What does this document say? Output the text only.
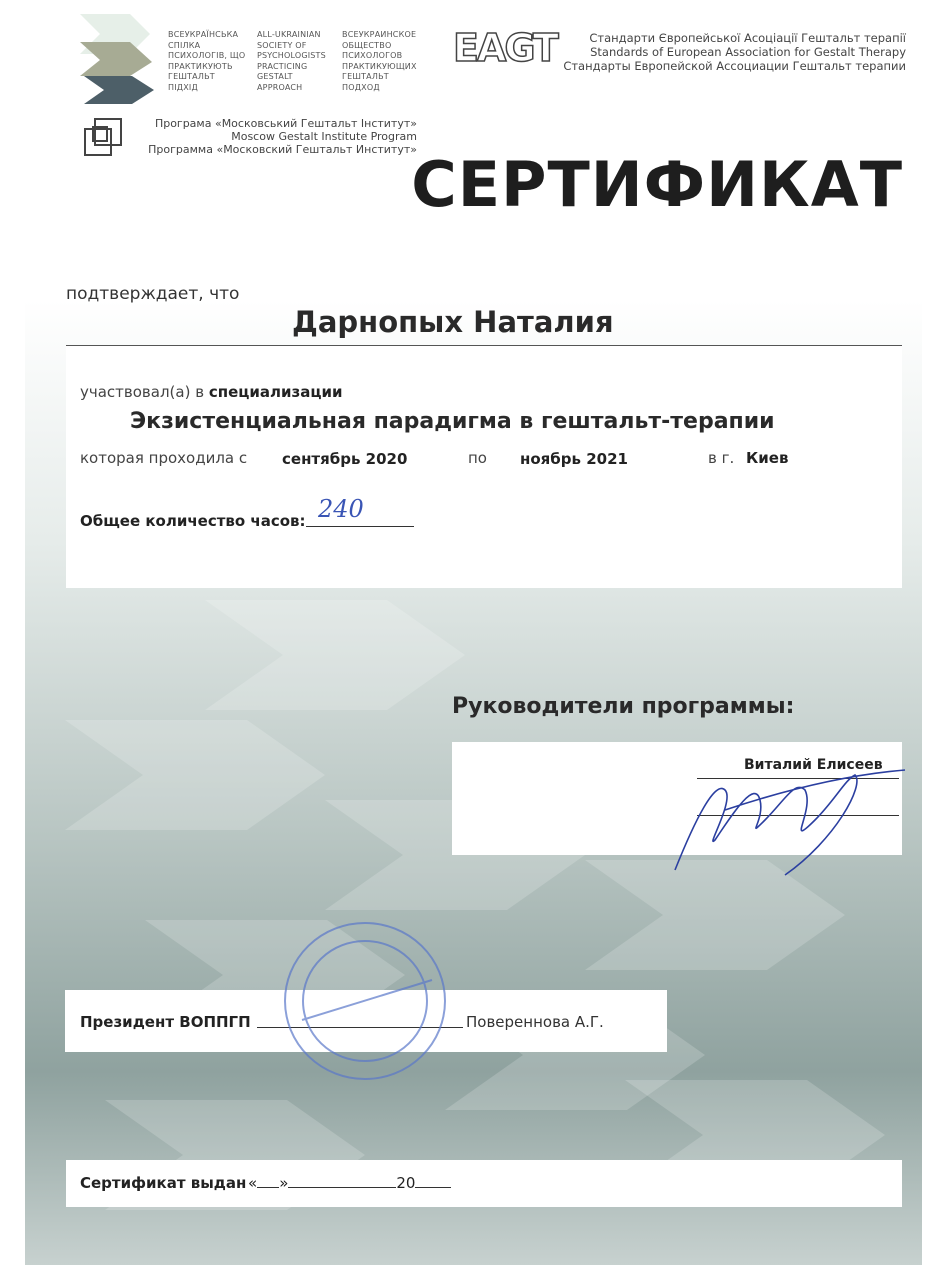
ВСЕУКРАЇНСЬКА
СПІЛКА
ПСИХОЛОГІВ, ЩО
ПРАКТИКУЮТЬ
ГЕШТАЛЬТ
ПІДХІД
ALL-UKRAINIAN
SOCIETY OF
PSYCHOLOGISTS
PRACTICING
GESTALT
APPROACH
ВСЕУКРАИНСКОЕ
ОБЩЕСТВО
ПСИХОЛОГОВ
ПРАКТИКУЮЩИХ
ГЕШТАЛЬТ
ПОДХОД
EAGT	Стандарти Європейської Асоціації Гештальт терапії
Standards of European Association for Gestalt Therapy
Стандарты Европейской Ассоциации Гештальт терапии
Програма «Московський Гештальт Інститут»
Moscow Gestalt Institute Program
Программа «Московский Гештальт Институт»
СЕРТИФИКАТ
подтверждает, что
Дарнопых Наталия
участвовал(а) в специализации
Экзистенциальная парадигма в гештальт-терапии
которая проходила с сентябрь 2020	по ноябрь 2021	в г. Киев
Общее количество часов: 240
Руководители программы:
Виталий Елисеев
Президент ВОППГП	Повереннова А.Г.
Сертификат выдан « »	20
